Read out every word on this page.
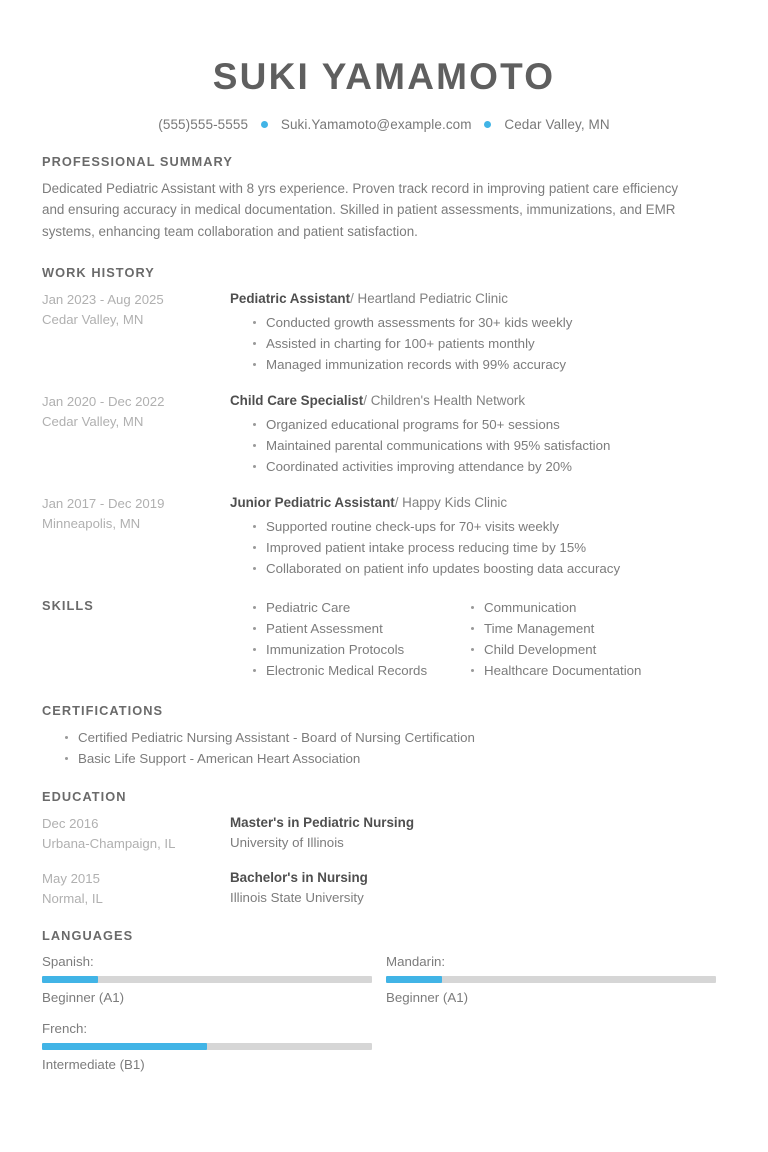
SUKI YAMAMOTO
(555)555-5555 Suki.Yamamoto@example.com Cedar Valley, MN
PROFESSIONAL SUMMARY
Dedicated Pediatric Assistant with 8 yrs experience. Proven track record in improving patient care efficiency and ensuring accuracy in medical documentation. Skilled in patient assessments, immunizations, and EMR systems, enhancing team collaboration and patient satisfaction.
WORK HISTORY
Jan 2023 - Aug 2025
Cedar Valley, MN
Pediatric Assistant/ Heartland Pediatric Clinic
Conducted growth assessments for 30+ kids weekly
Assisted in charting for 100+ patients monthly
Managed immunization records with 99% accuracy
Jan 2020 - Dec 2022
Cedar Valley, MN
Child Care Specialist/ Children's Health Network
Organized educational programs for 50+ sessions
Maintained parental communications with 95% satisfaction
Coordinated activities improving attendance by 20%
Jan 2017 - Dec 2019
Minneapolis, MN
Junior Pediatric Assistant/ Happy Kids Clinic
Supported routine check-ups for 70+ visits weekly
Improved patient intake process reducing time by 15%
Collaborated on patient info updates boosting data accuracy
SKILLS	Pediatric Care
Patient Assessment
Immunization Protocols
Electronic Medical Records
Communication
Time Management
Child Development
Healthcare Documentation
CERTIFICATIONS
Certified Pediatric Nursing Assistant - Board of Nursing Certification
Basic Life Support - American Heart Association
EDUCATION
Dec 2016
Urbana-Champaign, IL
Master's in Pediatric Nursing
University of Illinois
May 2015
Normal, IL
Bachelor's in Nursing
Illinois State University
LANGUAGES
Spanish:
Beginner (A1)
Mandarin:
Beginner (A1)
French:
Intermediate (B1)
